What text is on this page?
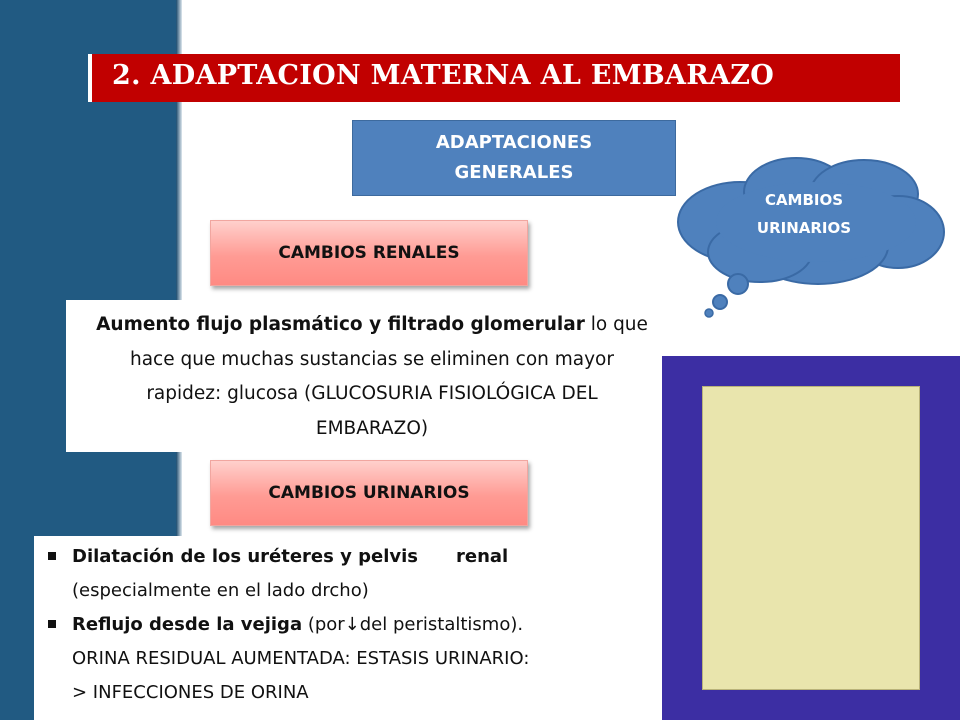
2. ADAPTACION MATERNA AL EMBARAZO
ADAPTACIONES
GENERALES
CAMBIOS
URINARIOS
CAMBIOS RENALES
Aumento flujo plasmático y filtrado glomerular lo que
hace que muchas sustancias se eliminen con mayor
rapidez: glucosa (GLUCOSURIA FISIOLÓGICA DEL
EMBARAZO)
CAMBIOS URINARIOS
Dilatación de los uréteres y pelvis renal
(especialmente en el lado drcho)
Reflujo desde la vejiga (por↓del peristaltismo).
ORINA RESIDUAL AUMENTADA: ESTASIS URINARIO:
> INFECCIONES DE ORINA
